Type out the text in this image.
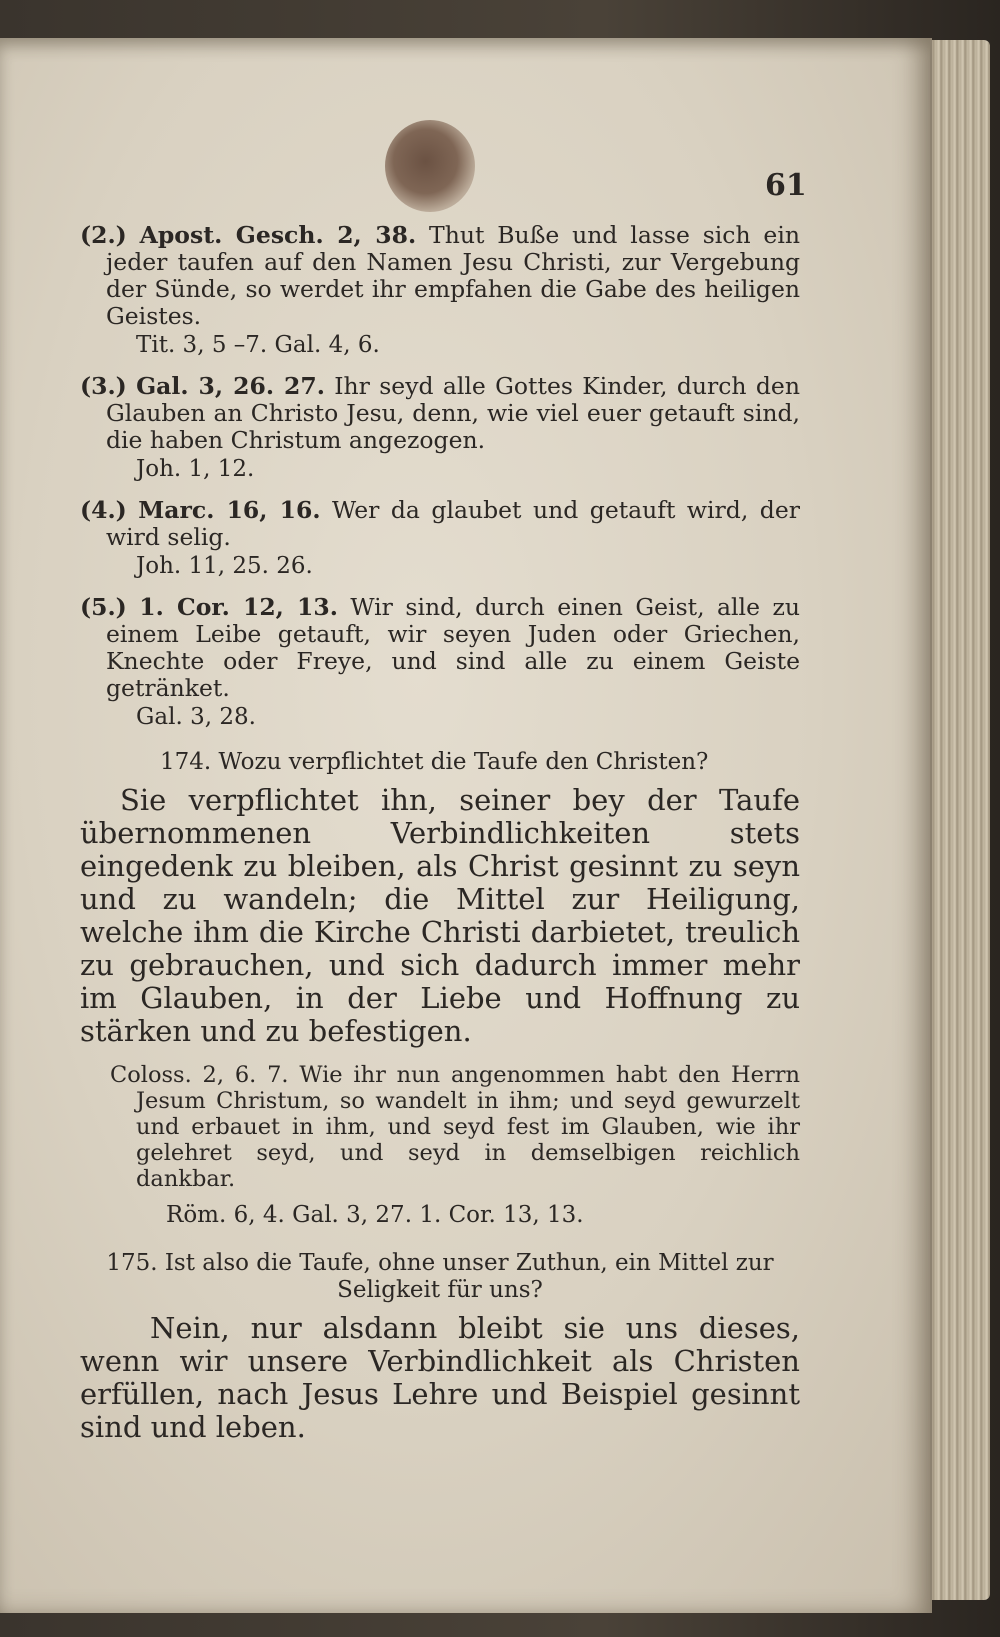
61

(2.) Apost. Gesch. 2, 38. Thut Buße und lasse sich ein jeder taufen auf den Namen Jesu Christi, zur Vergebung der Sünde, so werdet ihr empfahen die Gabe des heiligen Geistes.
Tit. 3, 5 –7. Gal. 4, 6.

(3.) Gal. 3, 26. 27. Ihr seyd alle Gottes Kinder, durch den Glauben an Christo Jesu, denn, wie viel euer getauft sind, die haben Christum angezogen.
Joh. 1, 12.

(4.) Marc. 16, 16. Wer da glaubet und getauft wird, der wird selig.
Joh. 11, 25. 26.

(5.) 1. Cor. 12, 13. Wir sind, durch einen Geist, alle zu einem Leibe getauft, wir seyen Juden oder Griechen, Knechte oder Freye, und sind alle zu einem Geiste getränket.
Gal. 3, 28.

174. Wozu verpflichtet die Taufe den Christen?

Sie verpflichtet ihn, seiner bey der Taufe übernommenen Verbindlichkeiten stets eingedenk zu bleiben, als Christ gesinnt zu seyn und zu wandeln; die Mittel zur Heiligung, welche ihm die Kirche Christi darbietet, treulich zu gebrauchen, und sich dadurch immer mehr im Glauben, in der Liebe und Hoffnung zu stärken und zu befestigen.

Coloss. 2, 6. 7. Wie ihr nun angenommen habt den Herrn Jesum Christum, so wandelt in ihm; und seyd gewurzelt und erbauet in ihm, und seyd fest im Glauben, wie ihr gelehret seyd, und seyd in demselbigen reichlich dankbar.
Röm. 6, 4. Gal. 3, 27. 1. Cor. 13, 13.

175. Ist also die Taufe, ohne unser Zuthun, ein Mittel zur Seligkeit für uns?

Nein, nur alsdann bleibt sie uns dieses, wenn wir unsere Verbindlichkeit als Christen erfüllen, nach Jesus Lehre und Beispiel gesinnt sind und leben.
